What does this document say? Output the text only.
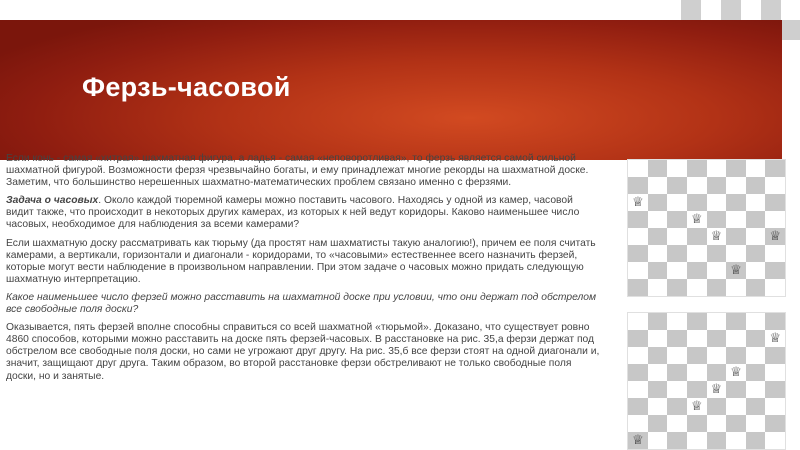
Ферзь-часовой

Если конь - самая «хитрая» шахматная фигура, а ладья - самая «неповоротливая», то ферзь является самой сильной шахматной фигурой. Возможности ферзя чрезвычайно богаты, и ему принадлежат многие рекорды на шахматной доске. Заметим, что большинство нерешенных шахматно-математических проблем связано именно с ферзями.

Задача о часовых. Около каждой тюремной камеры можно поставить часового. Находясь у одной из камер, часовой видит также, что происходит в некоторых других камерах, из которых к ней ведут коридоры. Каково наименьшее число часовых, необходимое для наблюдения за всеми камерами?

Если шахматную доску рассматривать как тюрьму (да простят нам шахматисты такую аналогию!), причем ее поля считать камерами, а вертикали, горизонтали и диагонали - коридорами, то «часовыми» естественнее всего назначить ферзей, которые могут вести наблюдение в произвольном направлении. При этом задаче о часовых можно придать следующую шахматную интерпретацию.

Какое наименьшее число ферзей можно расставить на шахматной доске при условии, что они держат под обстрелом все свободные поля доски?

Оказывается, пять ферзей вполне способны справиться со всей шахматной «тюрьмой». Доказано, что существует ровно 4860 способов, которыми можно расставить на доске пять ферзей-часовых. В расстановке на рис. 35,а ферзи держат под обстрелом все свободные поля доски, но сами не угрожают друг другу. На рис. 35,б все ферзи стоят на одной диагонали и, значит, защищают друг друга. Таким образом, во второй расстановке ферзи обстреливают не только свободные поля доски, но и занятые.

♕
♕
♕	♕
♕
♕
♕
♕
♕
♕
